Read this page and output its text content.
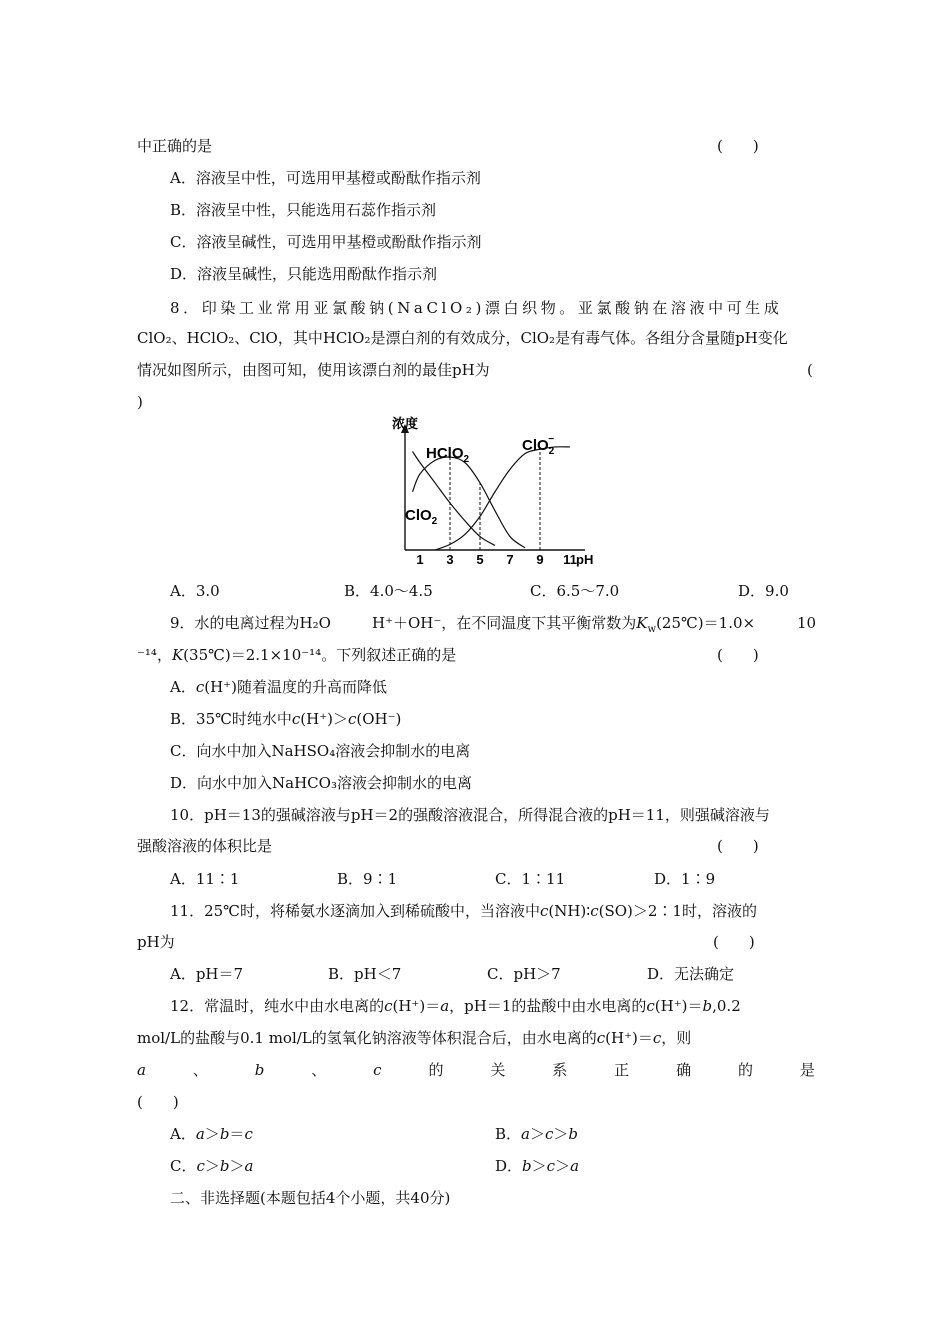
中正确的是	(　　)
A．溶液呈中性，可选用甲基橙或酚酞作指示剂
B．溶液呈中性，只能选用石蕊作指示剂
C．溶液呈碱性，可选用甲基橙或酚酞作指示剂
D．溶液呈碱性，只能选用酚酞作指示剂
8．印染工业常用亚氯酸钠(NaClO₂)漂白织物。亚氯酸钠在溶液中可生成
ClO₂、HClO₂、ClO，其中HClO₂是漂白剂的有效成分，ClO₂是有毒气体。各组分含量随pH变化
情况如图所示，由图可知，使用该漂白剂的最佳pH为	(
)
1 3 5 7 9 11
浓度
pH
HClO$_2$
ClO$_2$−
ClO$_2$
A．3.0	B．4.0～4.5	C．6.5～7.0	D．9.0
9．水的电离过程为H₂O	H⁺＋OH⁻，在不同温度下其平衡常数为$K_w(25℃)=1.0\times$	10
⁻¹⁴，K(35℃)＝2.1×10⁻¹⁴。下列叙述正确的是	(　　)
A．c(H⁺)随着温度的升高而降低
B．35℃时纯水中c(H⁺)＞c(OH⁻)
C．向水中加入NaHSO₄溶液会抑制水的电离
D．向水中加入NaHCO₃溶液会抑制水的电离
10．pH＝13的强碱溶液与pH＝2的强酸溶液混合，所得混合液的pH＝11，则强碱溶液与
强酸溶液的体积比是	(　　)
A．11∶1	B．9∶1	C．1∶11	D．1∶9
11．25℃时，将稀氨水逐滴加入到稀硫酸中，当溶液中c(NH)∶c(SO)＞2∶1时，溶液的
pH为	(　　)
A．pH＝7	B．pH＜7	C．pH＞7	D．无法确定
12．常温时，纯水中由水电离的c(H⁺)＝a，pH＝1的盐酸中由水电离的c(H⁺)＝b,0.2
mol/L的盐酸与0.1 mol/L的氢氧化钠溶液等体积混合后，由水电离的c(H⁺)＝c，则
a	、	b	、	c	的	关	系	正	确	的	是
(　　)
A．a＞b＝c	B．a＞c＞b
C．c＞b＞a	D．b＞c＞a
二、非选择题(本题包括4个小题，共40分)
